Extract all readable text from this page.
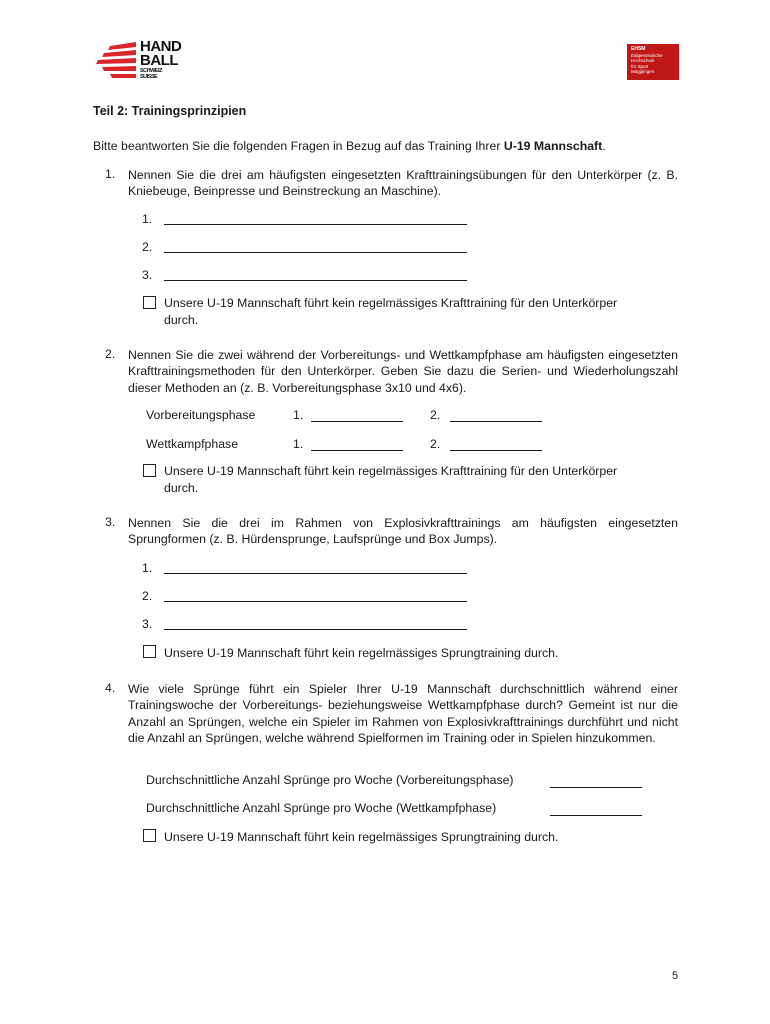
HAND
BALL
SCHWEIZ
SUISSE
EHSM
Eidgenössische
Hochschule
für Sport
Magglingen
Teil 2: Trainingsprinzipien
Bitte beantworten Sie die folgenden Fragen in Bezug auf das Training Ihrer U-19 Mannschaft.
1. Nennen Sie die drei am häufigsten eingesetzten Krafttrainingsübungen für den Unterkörper (z. B. Kniebeuge, Beinpresse und Beinstreckung an Maschine).
1.
2.
3.
Unsere U-19 Mannschaft führt kein regelmässiges Krafttraining für den Unterkörper durch.
2. Nennen Sie die zwei während der Vorbereitungs- und Wettkampfphase am häufigsten eingesetzten Krafttrainingsmethoden für den Unterkörper. Geben Sie dazu die Serien- und Wiederholungszahl dieser Methoden an (z. B. Vorbereitungsphase 3x10 und 4x6).
Vorbereitungsphase	1.	2.
Wettkampfphase	1.	2.
Unsere U-19 Mannschaft führt kein regelmässiges Krafttraining für den Unterkörper durch.
3. Nennen Sie die drei im Rahmen von Explosivkrafttrainings am häufigsten eingesetzten Sprungformen (z. B. Hürdensprunge, Laufsprünge und Box Jumps).
1.
2.
3.
Unsere U-19 Mannschaft führt kein regelmässiges Sprungtraining durch.
4. Wie viele Sprünge führt ein Spieler Ihrer U-19 Mannschaft durchschnittlich während einer Trainingswoche der Vorbereitungs- beziehungsweise Wettkampfphase durch? Gemeint ist nur die Anzahl an Sprüngen, welche ein Spieler im Rahmen von Explosivkrafttrainings durchführt und nicht die Anzahl an Sprüngen, welche während Spielformen im Training oder in Spielen hinzukommen.
Durchschnittliche Anzahl Sprünge pro Woche (Vorbereitungsphase)
Durchschnittliche Anzahl Sprünge pro Woche (Wettkampfphase)
Unsere U-19 Mannschaft führt kein regelmässiges Sprungtraining durch.
5
